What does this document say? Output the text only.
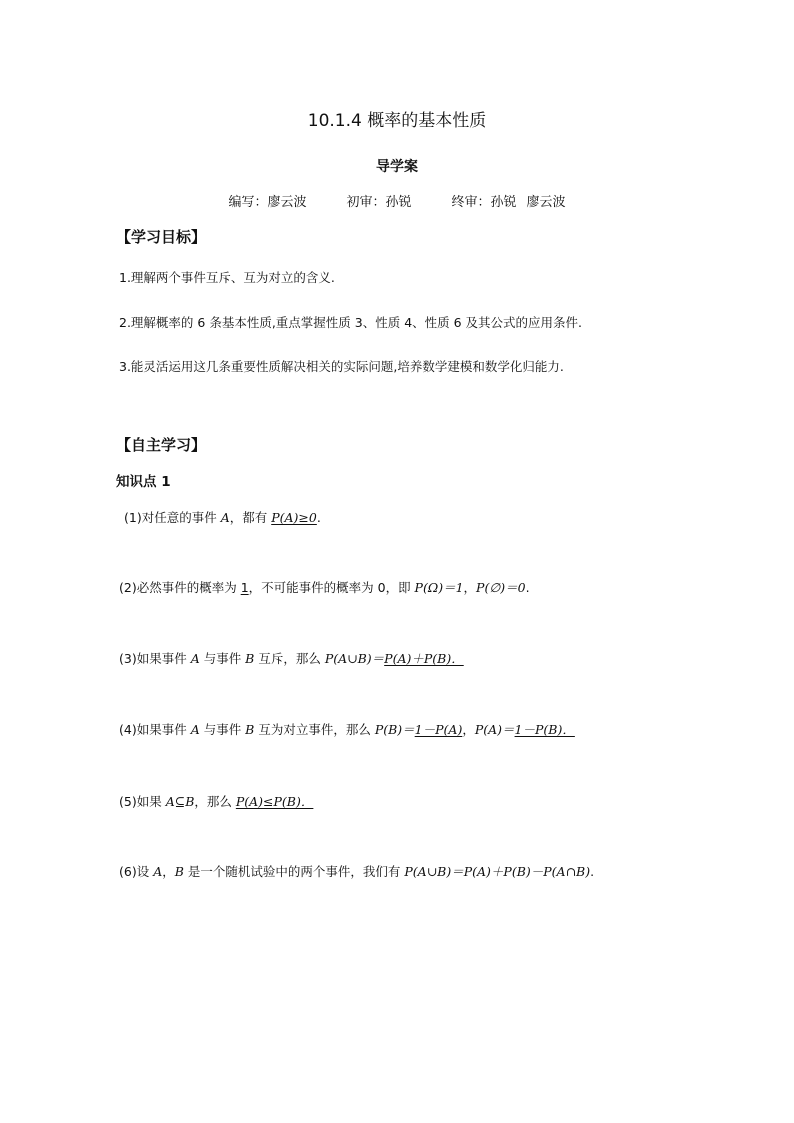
10.1.4 概率的基本性质
导学案
编写：廖云波	初审：孙锐	终审：孙锐 廖云波
【学习目标】
1.理解两个事件互斥、互为对立的含义.
2.理解概率的 6 条基本性质,重点掌握性质 3、性质 4、性质 6 及其公式的应用条件.
3.能灵活运用这几条重要性质解决相关的实际问题,培养数学建模和数学化归能力.
【自主学习】
知识点 1
(1)对任意的事件 A，都有 P(A)≥0.
(2)必然事件的概率为 1，不可能事件的概率为 0，即 P(Ω)＝1，P(∅)＝0.
(3)如果事件 A 与事件 B 互斥，那么 P(A∪B)＝P(A)＋P(B)．
(4)如果事件 A 与事件 B 互为对立事件，那么 P(B)＝1－P(A)，P(A)＝1－P(B)．
(5)如果 A⊆B，那么 P(A)≤P(B)．
(6)设 A，B 是一个随机试验中的两个事件，我们有 P(A∪B)＝P(A)＋P(B)－P(A∩B).
